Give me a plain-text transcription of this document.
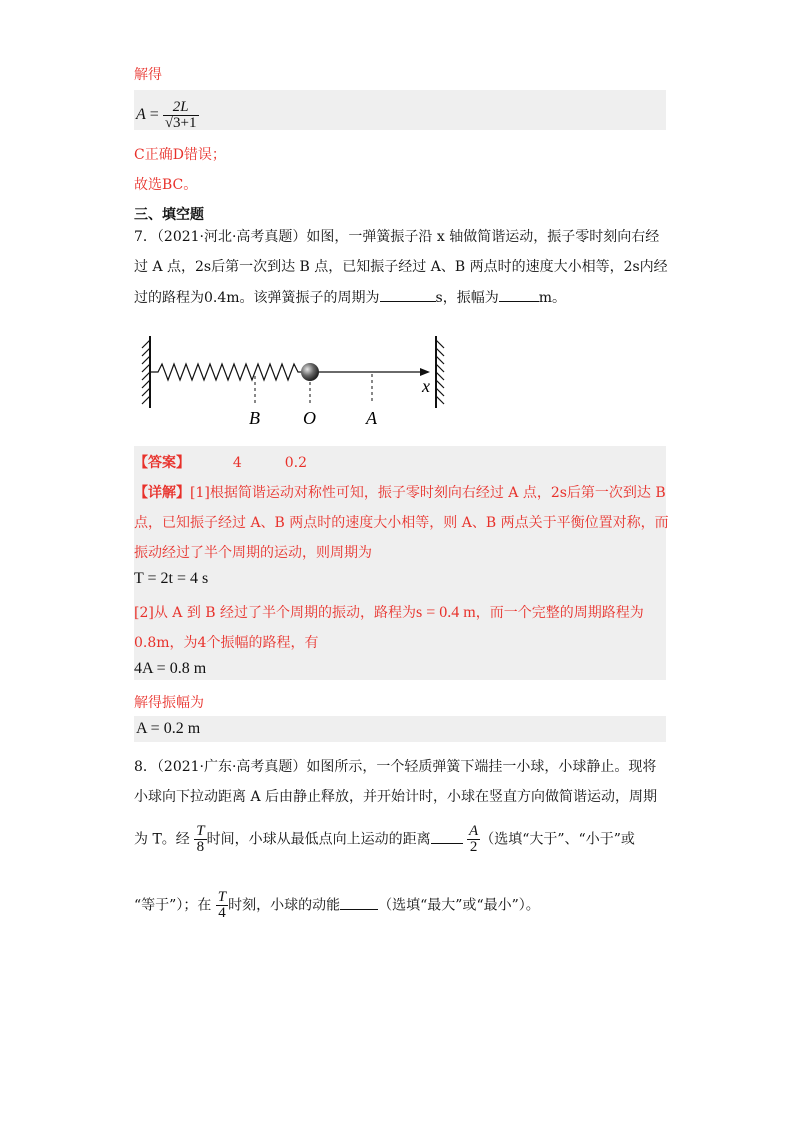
解得
$A = \frac{2L}{√3+1}$
C正确D错误；
故选BC。
三、填空题
7．（2021·河北·高考真题）如图，一弹簧振子沿 x 轴做简谐运动，振子零时刻向右经
过 A 点，2s后第一次到达 B 点，已知振子经过 A、B 两点时的速度大小相等，2s内经
过的路程为0.4m。该弹簧振子的周期为	s，振幅为	m。
B O	A
x
【答案】	4	0.2
【详解】[1]根据简谐运动对称性可知，振子零时刻向右经过 A 点，2s后第一次到达 B
点，已知振子经过 A、B 两点时的速度大小相等，则 A、B 两点关于平衡位置对称，而
振动经过了半个周期的运动，则周期为
T = 2t = 4 s
[2]从 A 到 B 经过了半个周期的振动，路程为s = 0.4 m，而一个完整的周期路程为
0.8m，为4个振幅的路程，有
4A = 0.8 m
解得振幅为
A = 0.2 m
8．（2021·广东·高考真题）如图所示，一个轻质弹簧下端挂一小球，小球静止。现将
小球向下拉动距离 A 后由静止释放，并开始计时，小球在竖直方向做简谐运动，周期
为 T。经 $\frac{T}{8}$ 时间，小球从最低点向上运动的距离 $\frac{A}{2}$ （选填“大于”、“小于”或
“等于”）；在 $\frac{T}{4}$ 时刻，小球的动能	（选填“最大”或“最小”）。
